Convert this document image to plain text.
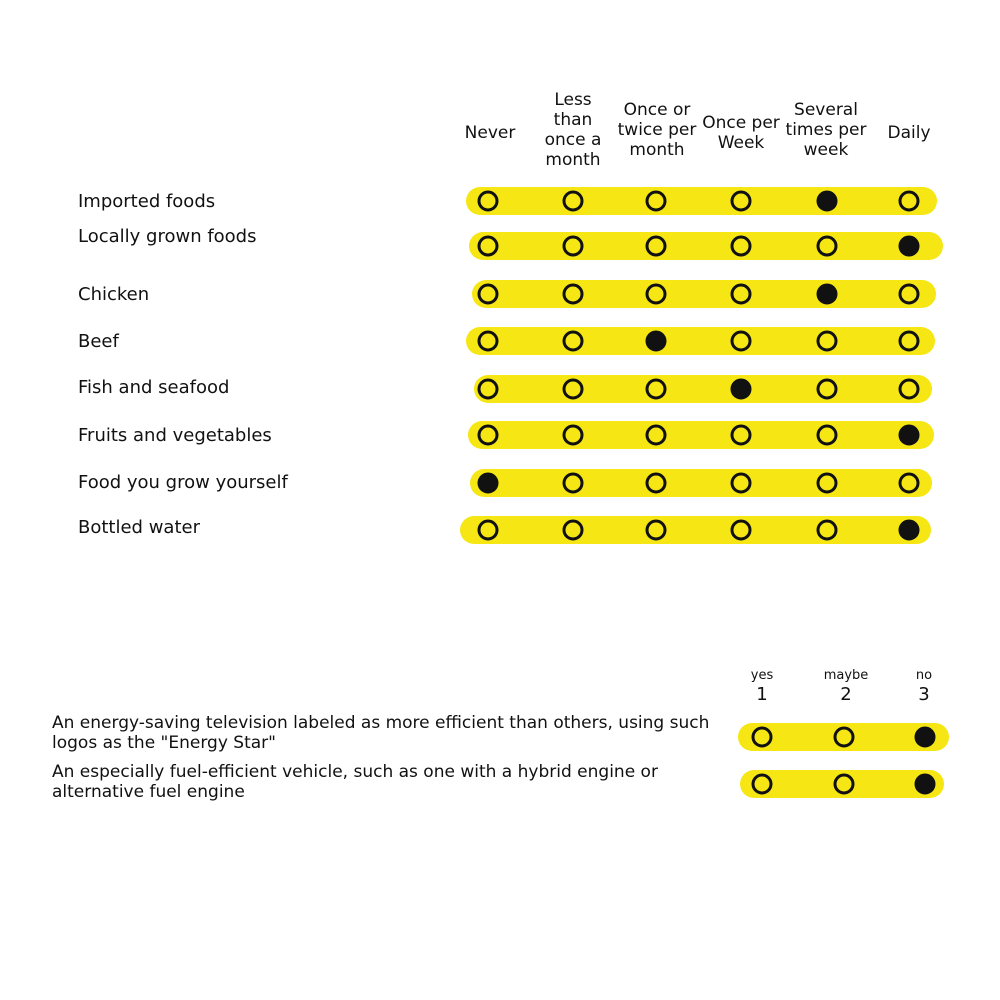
Never
Less
than
once a
month
Once or
twice per
month
Once per
Week
Several
times per
week
Daily
Imported foods
Locally grown foods
Chicken
Beef
Fish and seafood
Fruits and vegetables
Food you grow yourself
Bottled water
yes
1
maybe
2
no
3
An energy-saving television labeled as more efficient than others, using such logos as the "Energy Star"
An especially fuel-efficient vehicle, such as one with a hybrid engine or alternative fuel engine
